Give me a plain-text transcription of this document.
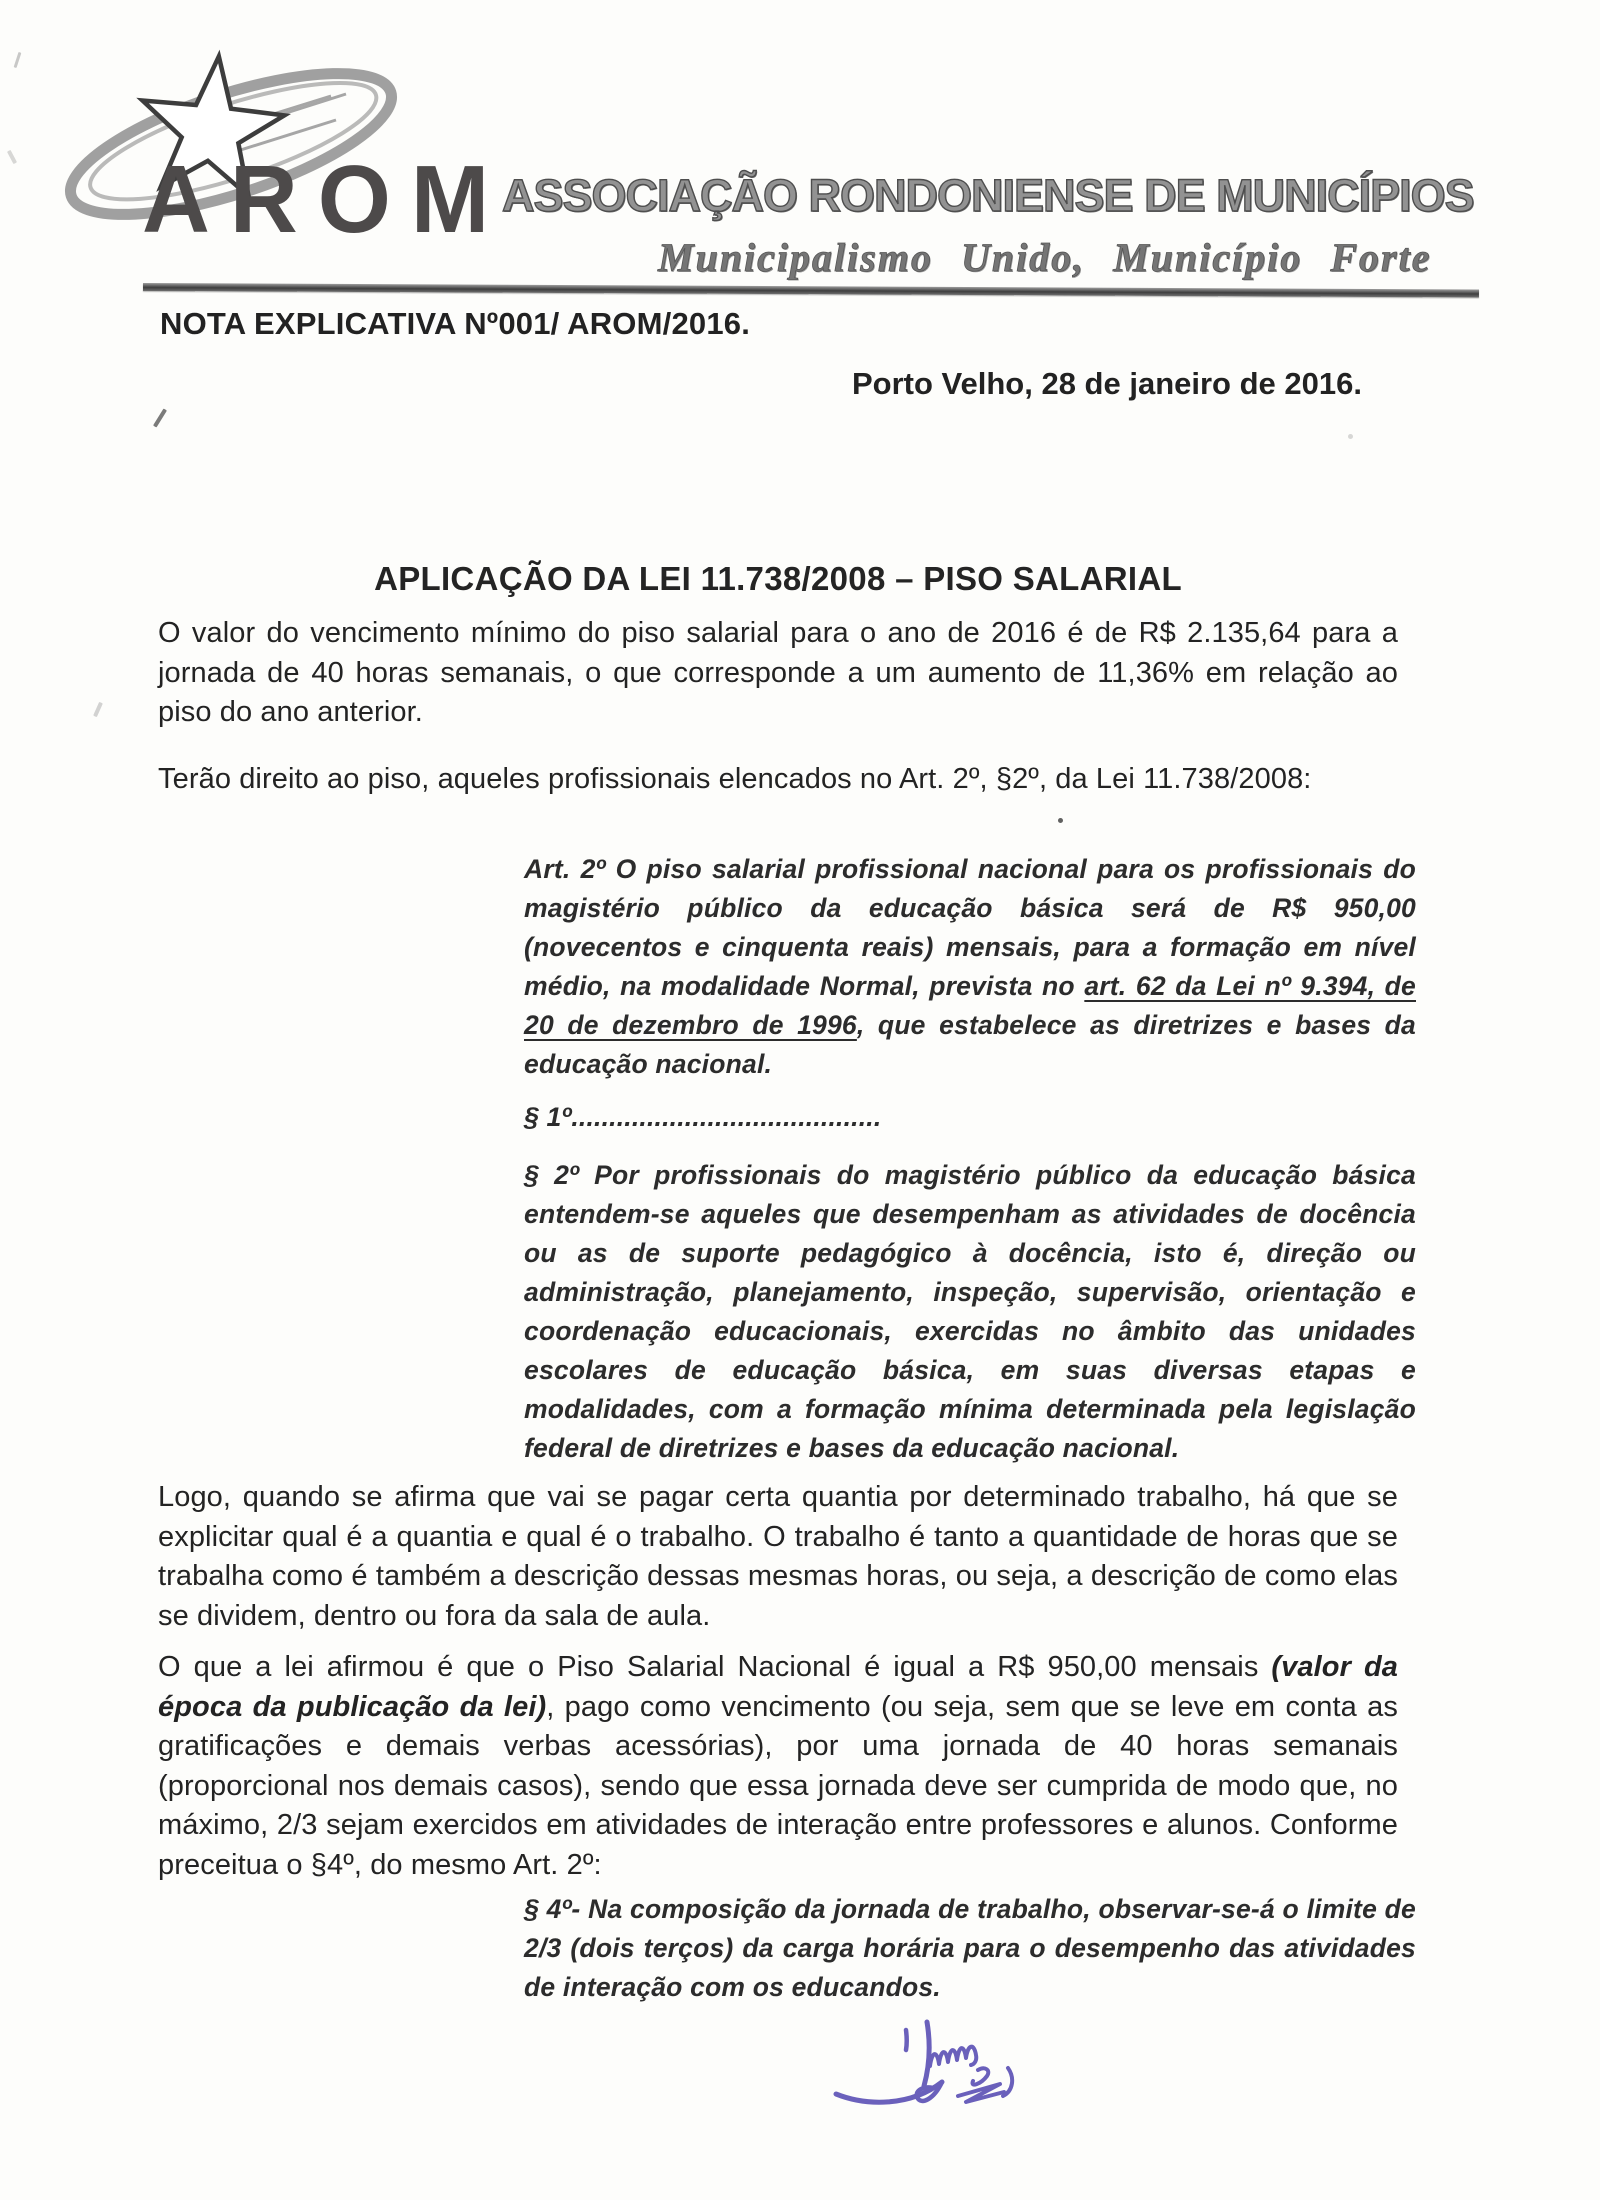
AROM
ASSOCIAÇÃO RONDONIENSE DE MUNICÍPIOS
Municipalismo Unido, Município Forte
NOTA EXPLICATIVA Nº001/ AROM/2016.
Porto Velho, 28 de janeiro de 2016.
APLICAÇÃO DA LEI 11.738/2008 – PISO SALARIAL
O valor do vencimento mínimo do piso salarial para o ano de 2016 é de R$ 2.135,64 para a jornada de 40 horas semanais, o que corresponde a um aumento de 11,36% em relação ao piso do ano anterior.
Terão direito ao piso, aqueles profissionais elencados no Art. 2º, §2º, da Lei 11.738/2008:
Art. 2º O piso salarial profissional nacional para os profissionais do magistério público da educação básica será de R$ 950,00 (novecentos e cinquenta reais) mensais, para a formação em nível médio, na modalidade Normal, prevista no art. 62 da Lei nº 9.394, de 20 de dezembro de 1996, que estabelece as diretrizes e bases da educação nacional.
§ 1º.........................................
§ 2º Por profissionais do magistério público da educação básica entendem-se aqueles que desempenham as atividades de docência ou as de suporte pedagógico à docência, isto é, direção ou administração, planejamento, inspeção, supervisão, orientação e coordenação educacionais, exercidas no âmbito das unidades escolares de educação básica, em suas diversas etapas e modalidades, com a formação mínima determinada pela legislação federal de diretrizes e bases da educação nacional.
Logo, quando se afirma que vai se pagar certa quantia por determinado trabalho, há que se explicitar qual é a quantia e qual é o trabalho. O trabalho é tanto a quantidade de horas que se trabalha como é também a descrição dessas mesmas horas, ou seja, a descrição de como elas se dividem, dentro ou fora da sala de aula.
O que a lei afirmou é que o Piso Salarial Nacional é igual a R$ 950,00 mensais (valor da época da publicação da lei), pago como vencimento (ou seja, sem que se leve em conta as gratificações e demais verbas acessórias), por uma jornada de 40 horas semanais (proporcional nos demais casos), sendo que essa jornada deve ser cumprida de modo que, no máximo, 2/3 sejam exercidos em atividades de interação entre professores e alunos. Conforme preceitua o §4º, do mesmo Art. 2º:
§ 4º- Na composição da jornada de trabalho, observar-se-á o limite de 2/3 (dois terços) da carga horária para o desempenho das atividades de interação com os educandos.
